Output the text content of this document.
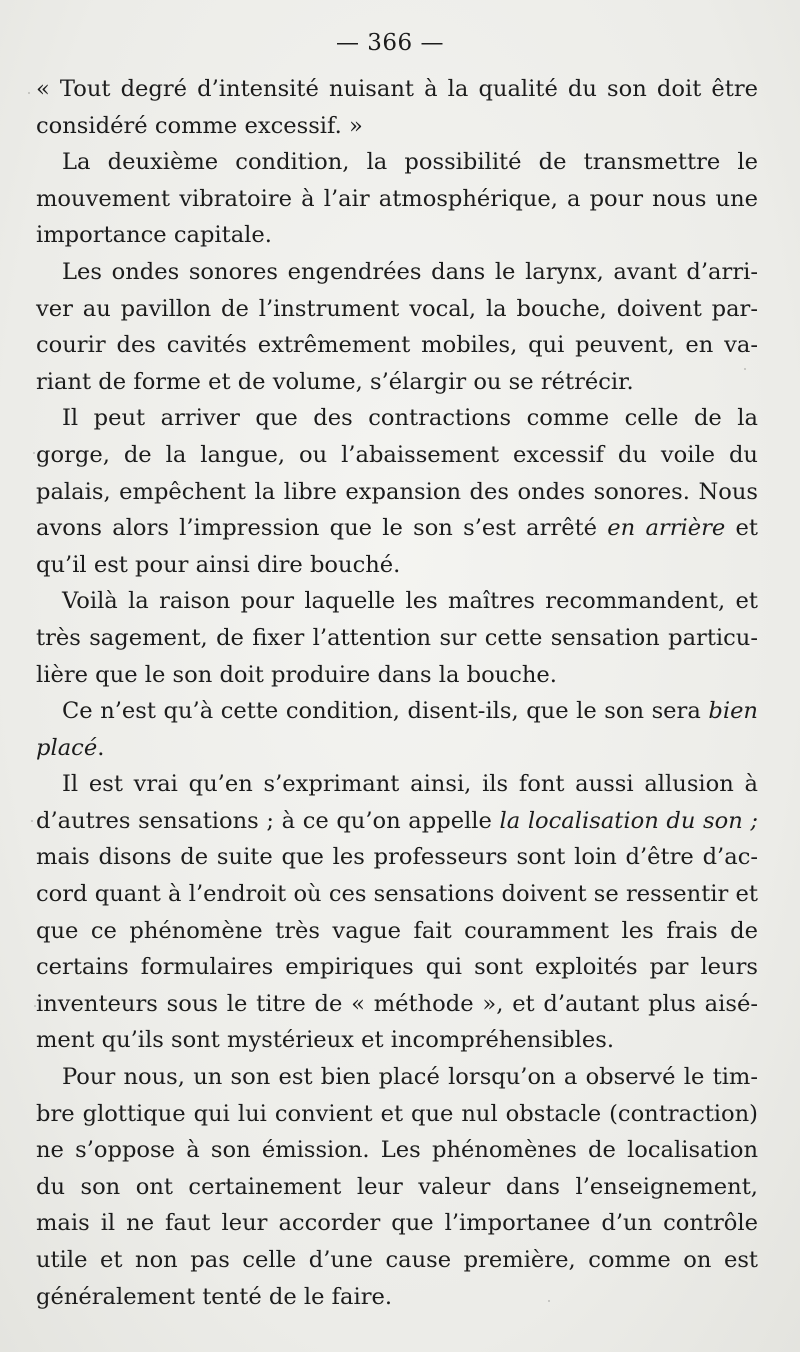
— 366 —

« Tout degré d’intensité nuisant à la qualité du son doit être considéré comme excessif. »

La deuxième condition, la possibilité de transmettre le mouvement vibratoire à l’air atmosphérique, a pour nous une importance capitale.

Les ondes sonores engendrées dans le larynx, avant d’arriver au pavillon de l’instrument vocal, la bouche, doivent parcourir des cavités extrêmement mobiles, qui peuvent, en variant de forme et de volume, s’élargir ou se rétrécir.

Il peut arriver que des contractions comme celle de la gorge, de la langue, ou l’abaissement excessif du voile du palais, empêchent la libre expansion des ondes sonores. Nous avons alors l’impression que le son s’est arrêté en arrière et qu’il est pour ainsi dire bouché.

Voilà la raison pour laquelle les maîtres recommandent, et très sagement, de fixer l’attention sur cette sensation particulière que le son doit produire dans la bouche.

Ce n’est qu’à cette condition, disent-ils, que le son sera bien placé.

Il est vrai qu’en s’exprimant ainsi, ils font aussi allusion à d’autres sensations ; à ce qu’on appelle la localisation du son ; mais disons de suite que les professeurs sont loin d’être d’accord quant à l’endroit où ces sensations doivent se ressentir et que ce phénomène très vague fait couramment les frais de certains formulaires empiriques qui sont exploités par leurs inventeurs sous le titre de « méthode », et d’autant plus aisément qu’ils sont mystérieux et incompréhensibles.

Pour nous, un son est bien placé lorsqu’on a observé le timbre glottique qui lui convient et que nul obstacle (contraction) ne s’oppose à son émission. Les phénomènes de localisation du son ont certainement leur valeur dans l’enseignement, mais il ne faut leur accorder que l’importanee d’un contrôle utile et non pas celle d’une cause première, comme on est généralement tenté de le faire.
